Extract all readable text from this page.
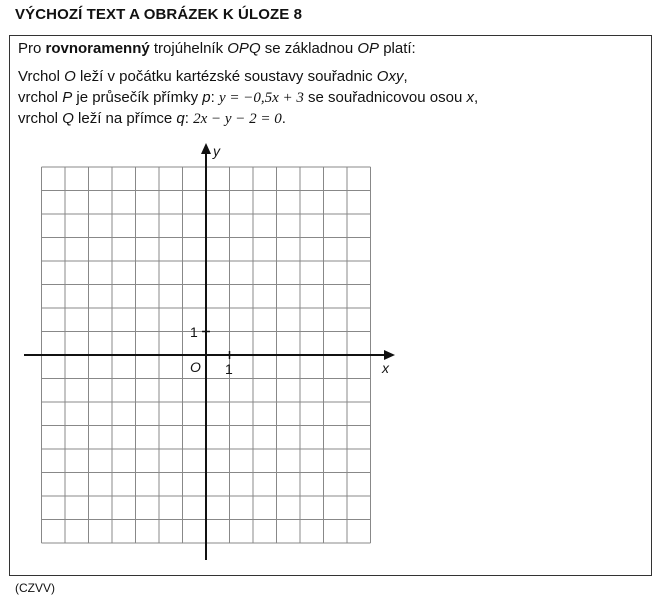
VÝCHOZÍ TEXT A OBRÁZEK K ÚLOZE 8
Pro rovnoramenný trojúhelník OPQ se základnou OP platí:
Vrchol O leží v počátku kartézské soustavy souřadnic Oxy,
vrchol P je průsečík přímky p: y = −0,5x + 3 se souřadnicovou osou x,
vrchol Q leží na přímce q: 2x − y − 2 = 0.
y
x
O 1
1
(CZVV)
